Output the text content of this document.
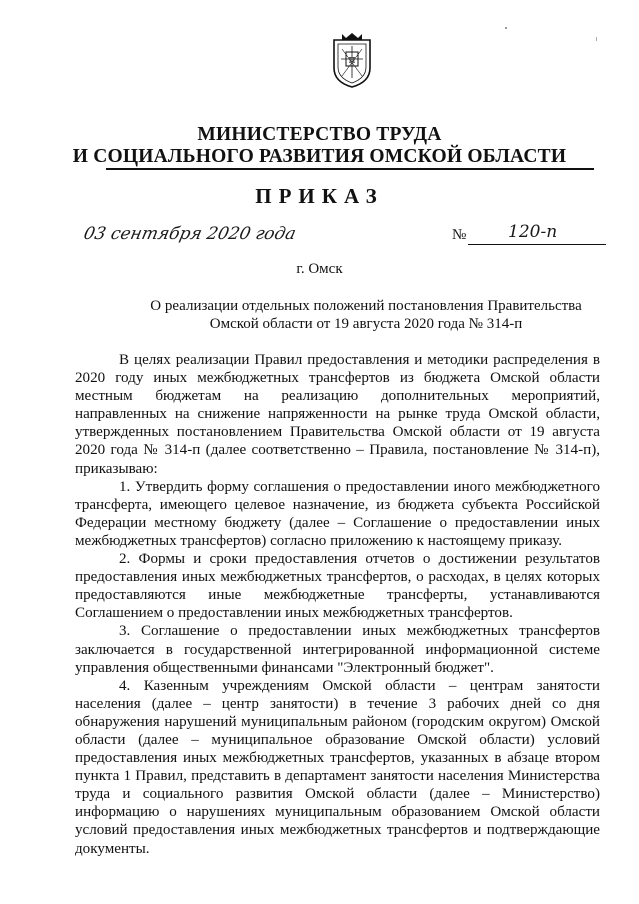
П
МИНИСТЕРСТВО ТРУДА
И СОЦИАЛЬНОГО РАЗВИТИЯ ОМСКОЙ ОБЛАСТИ
ПРИКАЗ
03 сентября 2020 года	№ 120-п
г. Омск
О реализации отдельных положений постановления Правительства Омской области от 19 августа 2020 года № 314-п

В целях реализации Правил предоставления и методики распределения в 2020 году иных межбюджетных трансфертов из бюджета Омской области местным бюджетам на реализацию дополнительных мероприятий, направленных на снижение напряженности на рынке труда Омской области, утвержденных постановлением Правительства Омской области от 19 августа 2020 года № 314-п (далее соответственно – Правила, постановление № 314-п), приказываю:

1. Утвердить форму соглашения о предоставлении иного межбюджетного трансферта, имеющего целевое назначение, из бюджета субъекта Российской Федерации местному бюджету (далее – Соглашение о предоставлении иных межбюджетных трансфертов) согласно приложению к настоящему приказу.

2. Формы и сроки предоставления отчетов о достижении результатов предоставления иных межбюджетных трансфертов, о расходах, в целях которых предоставляются иные межбюджетные трансферты, устанавливаются Соглашением о предоставлении иных межбюджетных трансфертов.

3. Соглашение о предоставлении иных межбюджетных трансфертов заключается в государственной интегрированной информационной системе управления общественными финансами "Электронный бюджет".

4. Казенным учреждениям Омской области – центрам занятости населения (далее – центр занятости) в течение 3 рабочих дней со дня обнаружения нарушений муниципальным районом (городским округом) Омской области (далее – муниципальное образование Омской области) условий предоставления иных межбюджетных трансфертов, указанных в абзаце втором пункта 1 Правил, представить в департамент занятости населения Министерства труда и социального развития Омской области (далее – Министерство) информацию о нарушениях муниципальным образованием Омской области условий предоставления иных межбюджетных трансфертов и подтверждающие документы.
